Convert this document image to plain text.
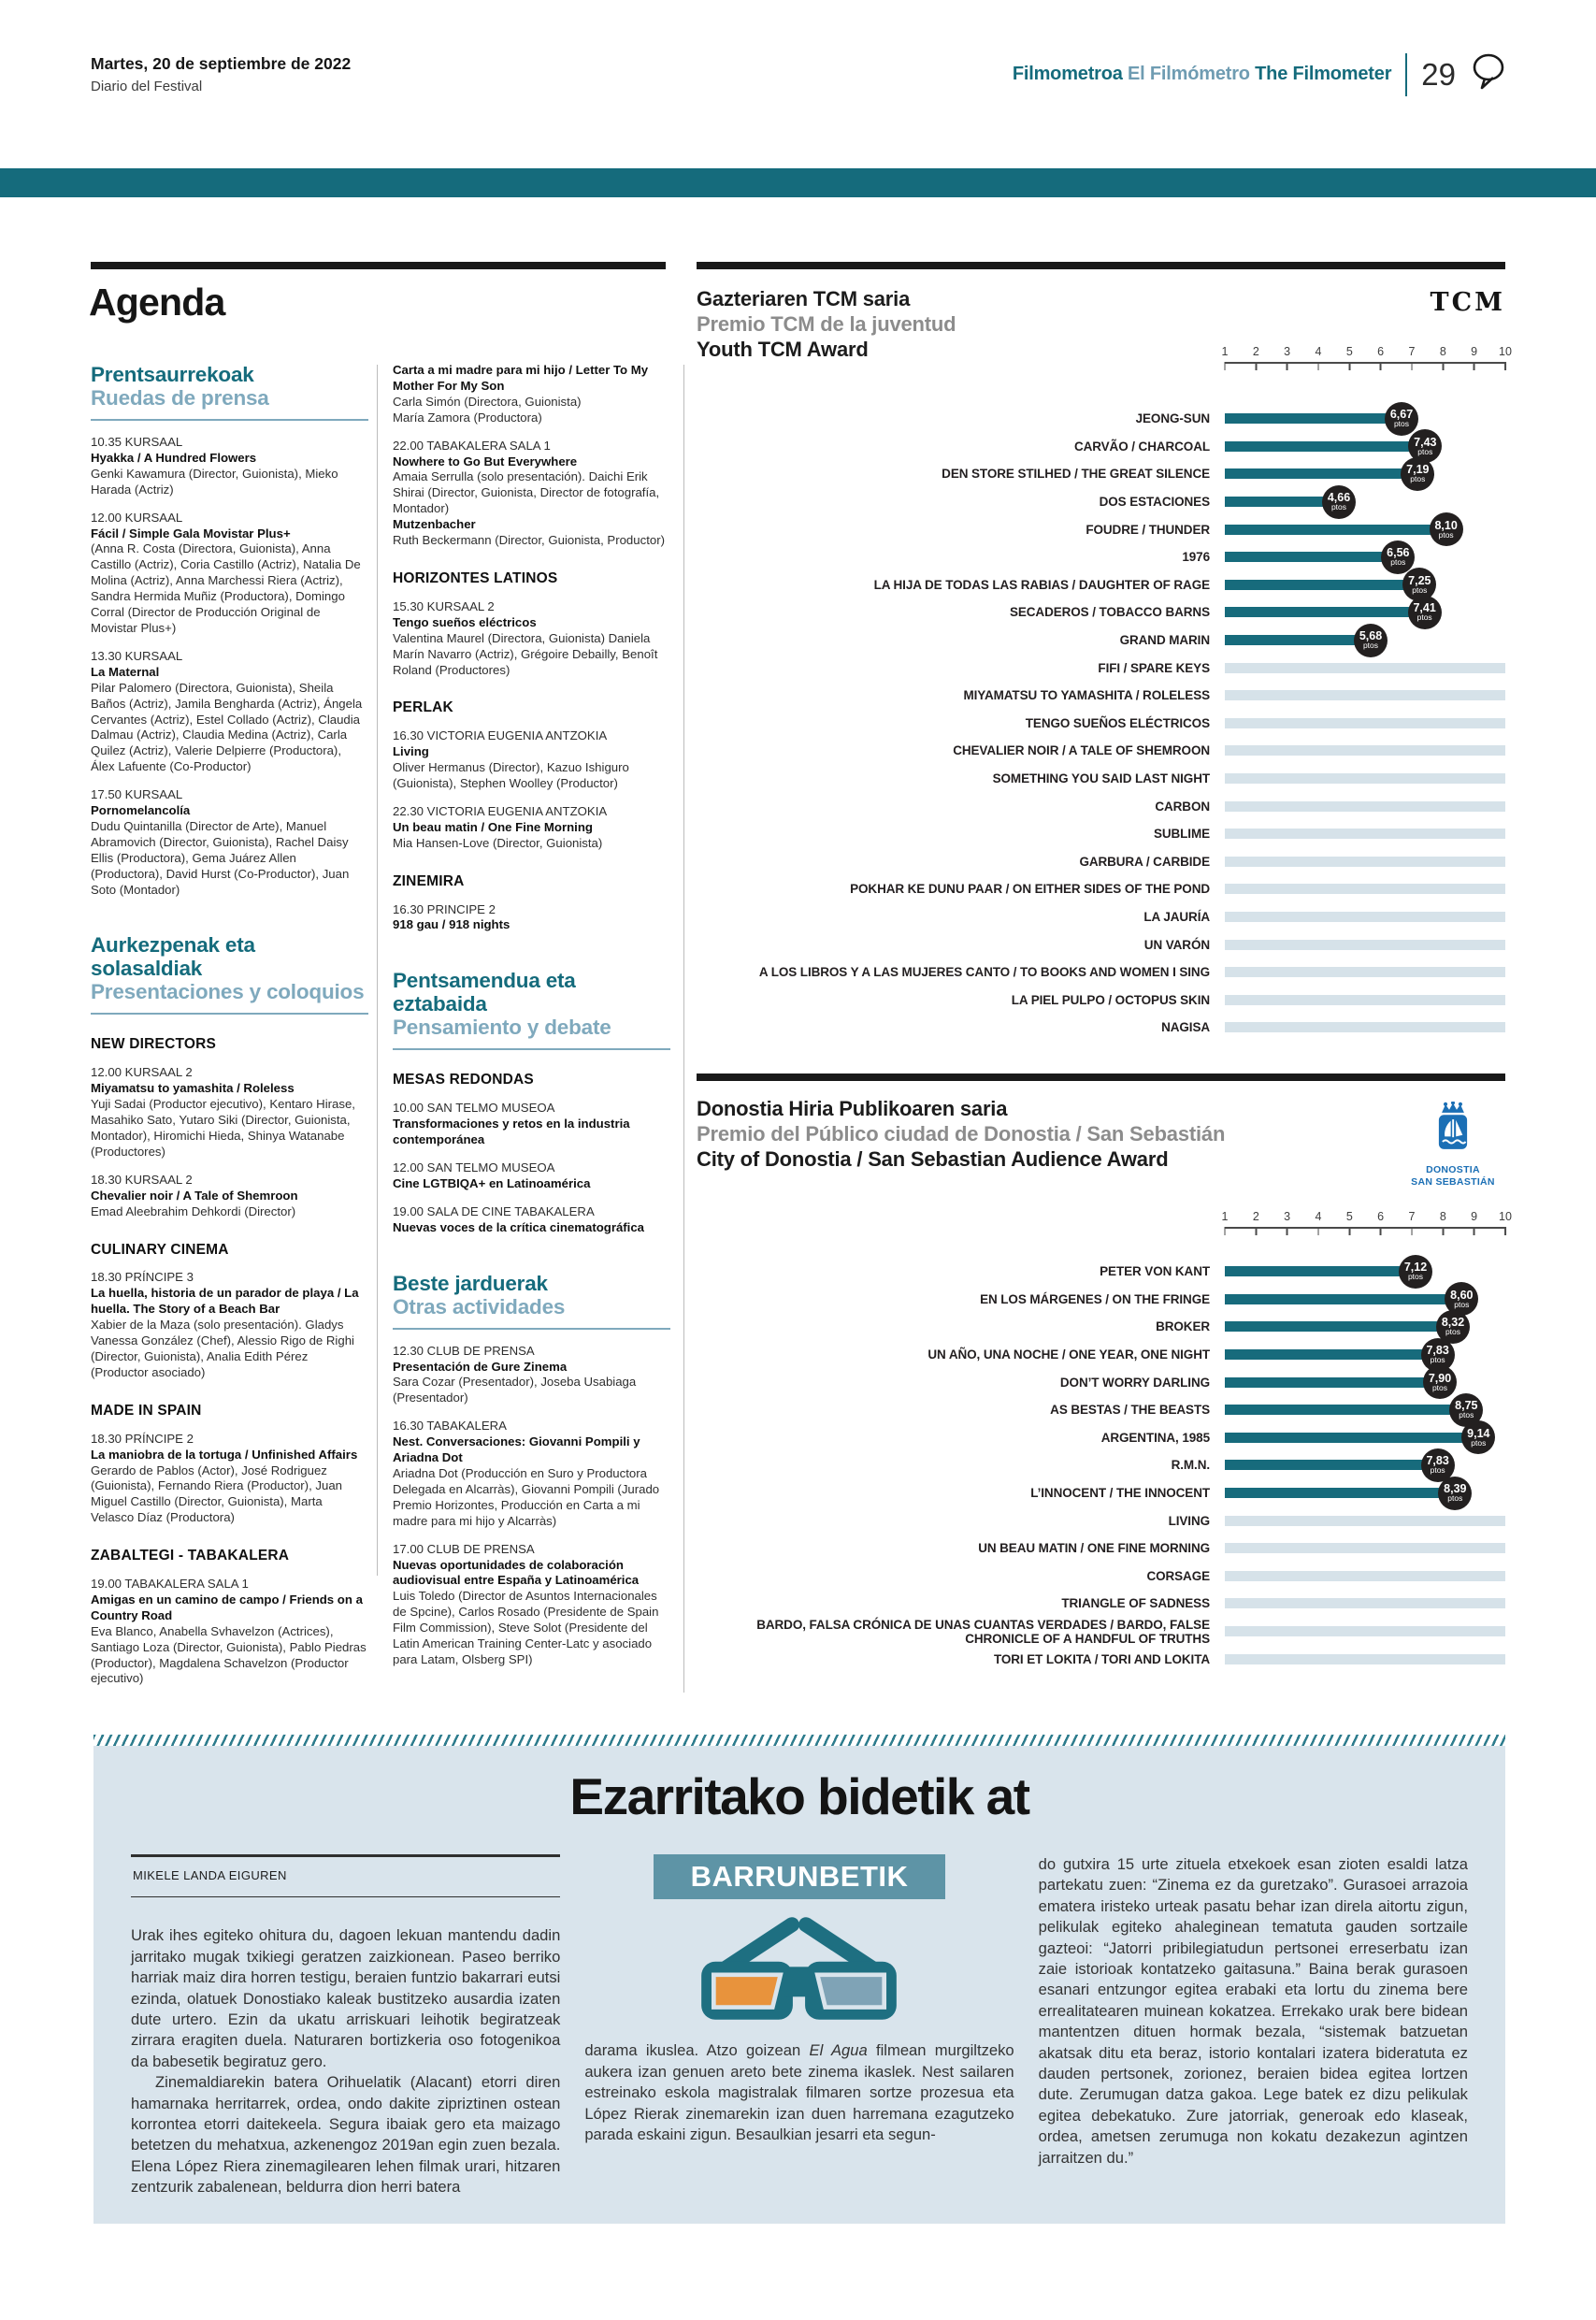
Martes, 20 de septiembre de 2022
Diario del Festival
Filmometroa El Filmómetro The Filmometer 29
Agenda
Prentsaurrekoak
Ruedas de prensa
10.35 KURSAAL
Hyakka / A Hundred Flowers
Genki Kawamura (Director, Guionista), Mieko Harada (Actriz)
12.00 KURSAAL
Fácil / Simple Gala Movistar Plus+
(Anna R. Costa (Directora, Guionista), Anna Castillo (Actriz), Coria Castillo (Actriz), Natalia De Molina (Actriz), Anna Marchessi Riera (Actriz), Sandra Hermida Muñiz (Productora), Domingo Corral (Director de Producción Original de Movistar Plus+)
13.30 KURSAAL
La Maternal
Pilar Palomero (Directora, Guionista), Sheila Baños (Actriz), Jamila Bengharda (Actriz), Ángela Cervantes (Actriz), Estel Collado (Actriz), Claudia Dalmau (Actriz), Claudia Medina (Actriz), Carla Quilez (Actriz), Valerie Delpierre (Productora), Álex Lafuente (Co-Productor)
17.50 KURSAAL
Pornomelancolía
Dudu Quintanilla (Director de Arte), Manuel Abramovich (Director, Guionista), Rachel Daisy Ellis (Productora), Gema Juárez Allen (Productora), David Hurst (Co-Productor), Juan Soto (Montador)
Aurkezpenak eta solasaldiak
Presentaciones y coloquios
NEW DIRECTORS
12.00 KURSAAL 2
Miyamatsu to yamashita / Roleless
Yuji Sadai (Productor ejecutivo), Kentaro Hirase, Masahiko Sato, Yutaro Siki (Director, Guionista, Montador), Hiromichi Hieda, Shinya Watanabe (Productores)
18.30 KURSAAL 2
Chevalier noir / A Tale of Shemroon
Emad Aleebrahim Dehkordi (Director)
CULINARY CINEMA
18.30 PRÍNCIPE 3
La huella, historia de un parador de playa / La huella. The Story of a Beach Bar
Xabier de la Maza (solo presentación). Gladys Vanessa González (Chef), Alessio Rigo de Righi (Director, Guionista), Analia Edith Pérez (Productor asociado)
MADE IN SPAIN
18.30 PRÍNCIPE 2
La maniobra de la tortuga / Unfinished Affairs
Gerardo de Pablos (Actor), José Rodriguez (Guionista), Fernando Riera (Productor), Juan Miguel Castillo (Director, Guionista), Marta Velasco Díaz (Productora)
ZABALTEGI - TABAKALERA
19.00 TABAKALERA SALA 1
Amigas en un camino de campo / Friends on a Country Road
Eva Blanco, Anabella Svhavelzon (Actrices), Santiago Loza (Director, Guionista), Pablo Piedras (Productor), Magdalena Schavelzon (Productor ejecutivo)
Carta a mi madre para mi hijo / Letter To My Mother For My Son
Carla Simón (Directora, Guionista)
María Zamora (Productora)
22.00 TABAKALERA SALA 1
Nowhere to Go But Everywhere
Amaia Serrulla (solo presentación). Daichi Erik Shirai (Director, Guionista, Director de fotografía, Montador)
Mutzenbacher
Ruth Beckermann (Director, Guionista, Productor)
HORIZONTES LATINOS
15.30 KURSAAL 2
Tengo sueños eléctricos
Valentina Maurel (Directora, Guionista) Daniela Marín Navarro (Actriz), Grégoire Debailly, Benoît Roland (Productores)
PERLAK
16.30 VICTORIA EUGENIA ANTZOKIA
Living
Oliver Hermanus (Director), Kazuo Ishiguro (Guionista), Stephen Woolley (Productor)
22.30 VICTORIA EUGENIA ANTZOKIA
Un beau matin / One Fine Morning
Mia Hansen-Love (Director, Guionista)
ZINEMIRA
16.30 PRINCIPE 2
918 gau / 918 nights
Pentsamendua eta eztabaida
Pensamiento y debate
MESAS REDONDAS
10.00 SAN TELMO MUSEOA
Transformaciones y retos en la industria contemporánea
12.00 SAN TELMO MUSEOA
Cine LGTBIQA+ en Latinoamérica
19.00 SALA DE CINE TABAKALERA
Nuevas voces de la crítica cinematográfica
Beste jarduerak
Otras actividades
12.30 CLUB DE PRENSA
Presentación de Gure Zinema
Sara Cozar (Presentador), Joseba Usabiaga (Presentador)
16.30 TABAKALERA
Nest. Conversaciones: Giovanni Pompili y Ariadna Dot
Ariadna Dot (Producción en Suro y Productora Delegada en Alcarràs), Giovanni Pompili (Jurado Premio Horizontes, Producción en Carta a mi madre para mi hijo y Alcarràs)
17.00 CLUB DE PRENSA
Nuevas oportunidades de colaboración audiovisual entre España y Latinoamérica
Luis Toledo (Director de Asuntos Internacionales de Spcine), Carlos Rosado (Presidente de Spain Film Commission), Steve Solot (Presidente del Latin American Training Center-Latc y asociado para Latam, Olsberg SPI)
TCM
Gazteriaren TCM saria
Premio TCM de la juventud
Youth TCM Award	1 2 3 4 5 6 7 8 9 10
JEONG-SUN	6,67
ptos
CARVÃO / CHARCOAL	7,43
ptos
DEN STORE STILHED / THE GREAT SILENCE	7,19
ptos
DOS ESTACIONES	4,66
ptos
FOUDRE / THUNDER	8,10
ptos
1976	6,56
ptos
LA HIJA DE TODAS LAS RABIAS / DAUGHTER OF RAGE	7,25
ptos
SECADEROS / TOBACCO BARNS	7,41
ptos
GRAND MARIN	5,68
ptos
FIFI / SPARE KEYS
MIYAMATSU TO YAMASHITA / ROLELESS
TENGO SUEÑOS ELÉCTRICOS
CHEVALIER NOIR / A TALE OF SHEMROON
SOMETHING YOU SAID LAST NIGHT
CARBON
SUBLIME
GARBURA / CARBIDE
POKHAR KE DUNU PAAR / ON EITHER SIDES OF THE POND
LA JAURÍA
UN VARÓN
A LOS LIBROS Y A LAS MUJERES CANTO / TO BOOKS AND WOMEN I SING
LA PIEL PULPO / OCTOPUS SKIN
NAGISA
DONOSTIA
SAN SEBASTIÁN
Donostia Hiria Publikoaren saria
Premio del Público ciudad de Donostia / San Sebastián
City of Donostia / San Sebastian Audience Award
1 2 3 4 5 6 7 8 9 10
PETER VON KANT	7,12
ptos
EN LOS MÁRGENES / ON THE FRINGE	8,60
ptos
BROKER	8,32
ptos
UN AÑO, UNA NOCHE / ONE YEAR, ONE NIGHT	7,83
ptos
DON’T WORRY DARLING	7,90
ptos
AS BESTAS / THE BEASTS	8,75
ptos
ARGENTINA, 1985	9,14
ptos
R.M.N.	7,83
ptos
L’INNOCENT / THE INNOCENT	8,39
ptos
LIVING
UN BEAU MATIN / ONE FINE MORNING
CORSAGE
TRIANGLE OF SADNESS
BARDO, FALSA CRÓNICA DE UNAS CUANTAS VERDADES / BARDO, FALSE CHRONICLE OF A HANDFUL OF TRUTHS
TORI ET LOKITA / TORI AND LOKITA
Ezarritako bidetik at
MIKELE LANDA EIGUREN

Urak ihes egiteko ohitura du, dagoen lekuan mantendu dadin jarritako mugak txikiegi geratzen zaizkionean. Paseo berriko harriak maiz dira horren testigu, beraien funtzio bakarrari eutsi ezinda, olatuek Donostiako kaleak bustitzeko ausardia izaten dute urtero. Ezin da ukatu arriskuari leihotik begiratzeak zirrara eragiten duela. Naturaren bortizkeria oso fotogenikoa da babesetik begiratuz gero.

Zinemaldiarekin batera Orihuelatik (Alacant) etorri diren hamarnaka herritarrek, ordea, ondo dakite zipriztinen ostean korrontea etorri daitekeela. Segura ibaiak gero eta maizago betetzen du mehatxua, azkenengoz 2019an egin zuen bezala. Elena López Riera zinemagilearen lehen filmak urari, hitzaren zentzurik zabalenean, beldurra dion herri batera

BARRUNBETIK

darama ikuslea. Atzo goizean El Agua filmean murgiltzeko aukera izan genuen areto bete zinema ikaslek. Nest sailaren estreinako eskola magistralak filmaren sortze prozesua eta López Rierak zinemarekin izan duen harremana ezagutzeko parada eskaini zigun. Besaulkian jesarri eta segun-

do gutxira 15 urte zituela etxekoek esan zioten esaldi latza partekatu zuen: “Zinema ez da guretzako”. Gurasoei arrazoia ematera iristeko urteak pasatu behar izan direla aitortu zigun, pelikulak egiteko ahaleginean tematuta gauden sortzaile gazteoi: “Jatorri pribilegiatudun pertsonei erreserbatu izan zaie istorioak kontatzeko gaitasuna.” Baina berak gurasoen esanari entzungor egitea erabaki eta lortu du zinema bere errealitatearen muinean kokatzea. Errekako urak bere bidean mantentzen dituen hormak bezala, “sistemak batzuetan akatsak ditu eta beraz, istorio kontalari izatera bideratuta ez dauden pertsonek, zorionez, beraien bidea egitea lortzen dute. Zerumugan datza gakoa. Lege batek ez dizu pelikulak egitea debekatuko. Zure jatorriak, generoak edo klaseak, ordea, ametsen zerumuga non kokatu dezakezun agintzen jarraitzen du.”
